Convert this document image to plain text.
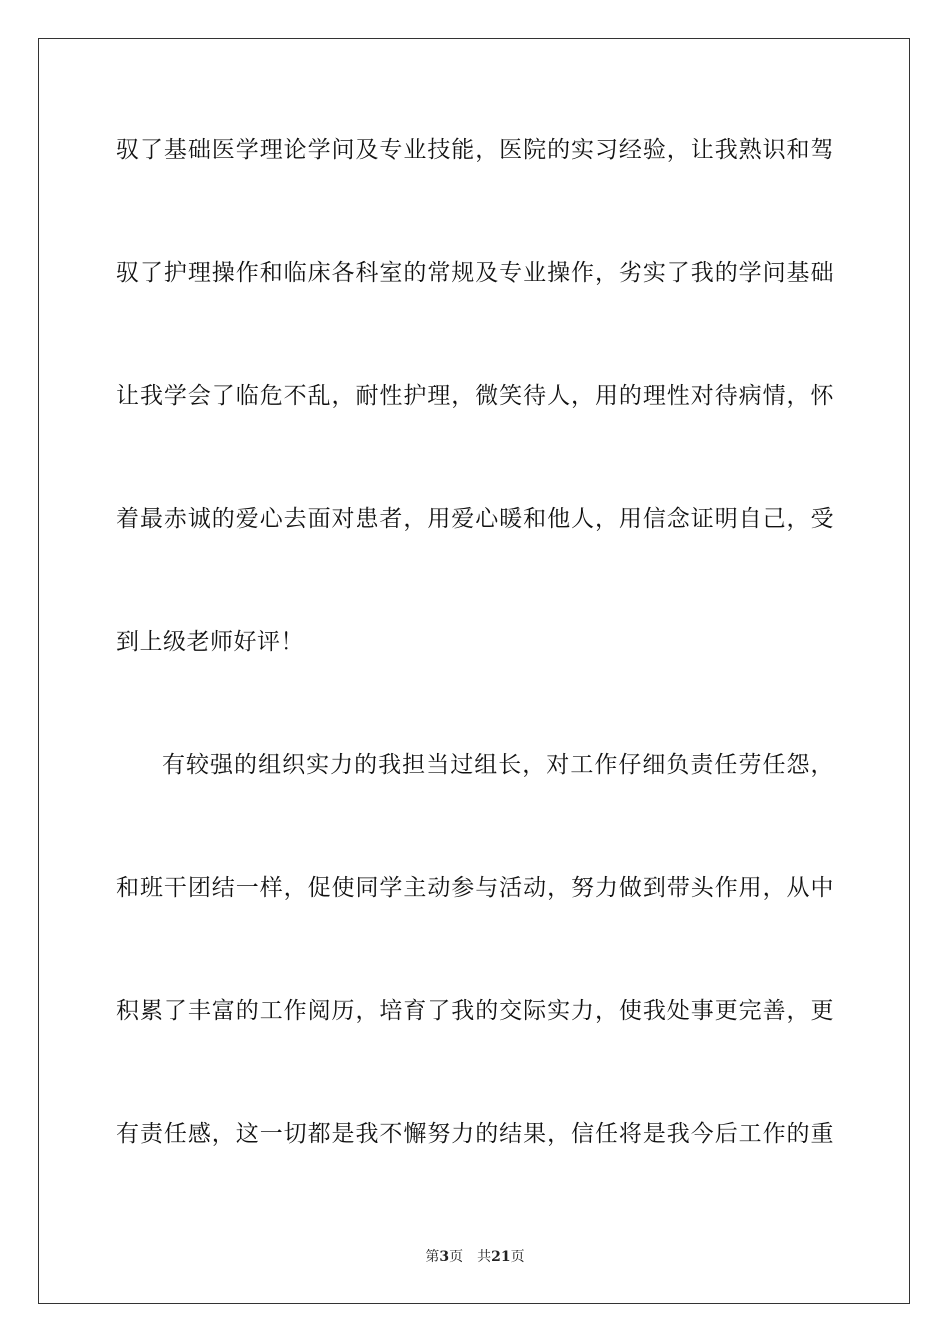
驭了基础医学理论学问及专业技能，医院的实习经验，让我熟识和驾
驭了护理操作和临床各科室的常规及专业操作，劣实了我的学问基础
让我学会了临危不乱，耐性护理，微笑待人，用的理性对待病情，怀
着最赤诚的爱心去面对患者，用爱心暖和他人，用信念证明自己，受
到上级老师好评！
有较强的组织实力的我担当过组长，对工作仔细负责任劳任怨，
和班干团结一样，促使同学主动参与活动，努力做到带头作用，从中
积累了丰富的工作阅历，培育了我的交际实力，使我处事更完善，更
有责任感，这一切都是我不懈努力的结果，信任将是我今后工作的重
第3页 共21页
